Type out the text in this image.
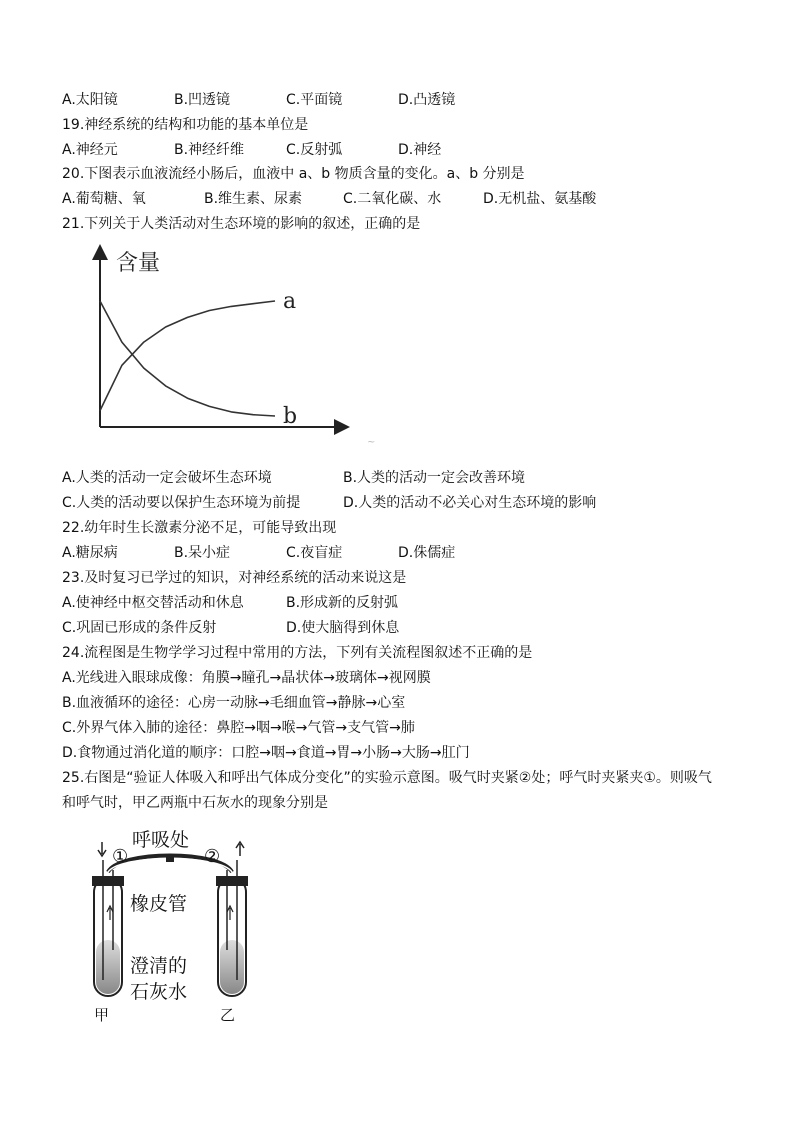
A.太阳镜	B.凹透镜	C.平面镜	D.凸透镜
19.神经系统的结构和功能的基本单位是
A.神经元	B.神经纤维	C.反射弧	D.神经
20.下图表示血液流经小肠后，血液中 a、b 物质含量的变化。a、b 分别是
A.葡萄糖、氧	B.维生素、尿素	C.二氧化碳、水	D.无机盐、氨基酸
21.下列关于人类活动对生态环境的影响的叙述，正确的是
含量
a
b
~
A.人类的活动一定会破坏生态环境	B.人类的活动一定会改善环境
C.人类的活动要以保护生态环境为前提	D.人类的活动不必关心对生态环境的影响
22.幼年时生长激素分泌不足，可能导致出现
A.糖尿病	B.呆小症	C.夜盲症	D.侏儒症
23.及时复习已学过的知识，对神经系统的活动来说这是
A.使神经中枢交替活动和休息	B.形成新的反射弧
C.巩固已形成的条件反射	D.使大脑得到休息
24.流程图是生物学学习过程中常用的方法，下列有关流程图叙述不正确的是
A.光线进入眼球成像：角膜→瞳孔→晶状体→玻璃体→视网膜
B.血液循环的途径：心房一动脉→毛细血管→静脉→心室
C.外界气体入肺的途径：鼻腔→咽→喉→气管→支气管→肺
D.食物通过消化道的顺序：口腔→咽→食道→胃→小肠→大肠→肛门
25.右图是“验证人体吸入和呼出气体成分变化”的实验示意图。吸气时夹紧②处；呼气时夹紧夹①。则吸气
和呼气时，甲乙两瓶中石灰水的现象分别是
呼吸处
①	②
橡皮管
澄清的
石灰水
甲	乙
